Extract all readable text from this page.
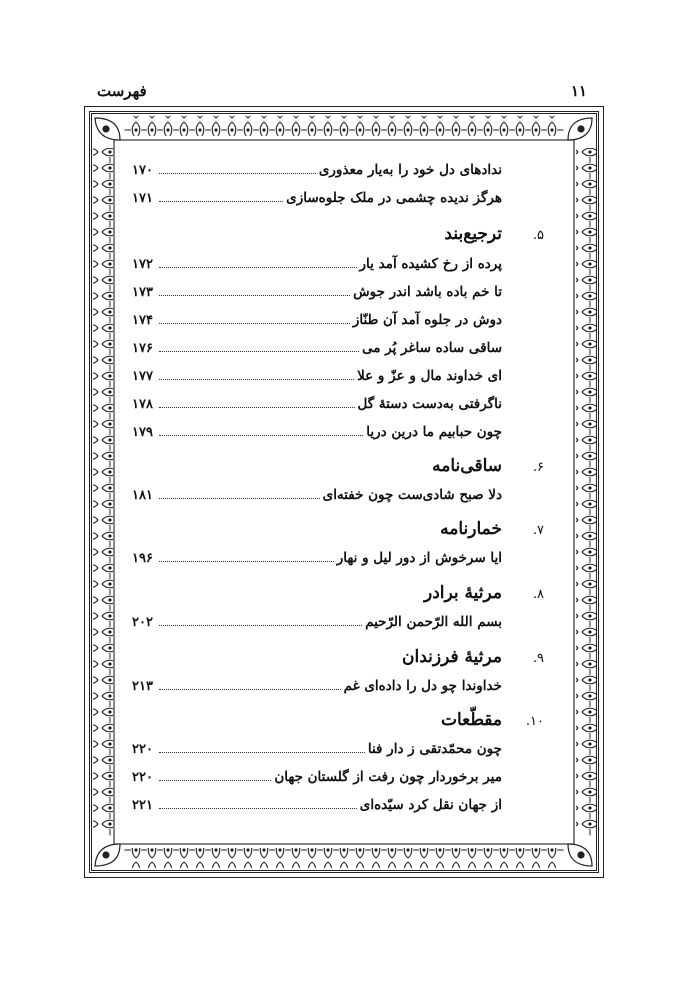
۱۱
فهرست
ندادهای دل خود را به‌یار معذوری
۱۷۰
هرگز ندیده چشمی در ملک جلوه‌سازی
۱۷۱
۵.
ترجیع‌بند
پرده از رخ کشیده آمد یار
۱۷۲
تا خم باده باشد اندر جوش
۱۷۳
دوش در جلوه آمد آن طنّاز
۱۷۴
ساقی ساده ساغر پُر می
۱۷۶
ای خداوند مال و عزّ و علا
۱۷۷
ناگرفتی به‌دست دستهٔ گل
۱۷۸
چون حبابیم ما درین دریا
۱۷۹
۶.
ساقی‌نامه
دلا صبح شادی‌ست چون خفته‌ای
۱۸۱
۷.
خمارنامه
ایا سرخوش از دور لیل و نهار
۱۹۶
۸.
مرثیهٔ برادر
بسم الله الرّحمن الرّحیم
۲۰۲
۹.
مرثیهٔ فرزندان
خداوندا چو دل را داده‌ای غم
۲۱۳
۱۰.
مقطّعات
چون محمّدتقی ز دار فنا
۲۲۰
میر برخوردار چون رفت از گلستان جهان
۲۲۰
از جهان نقل کرد سیّده‌ای
۲۲۱
